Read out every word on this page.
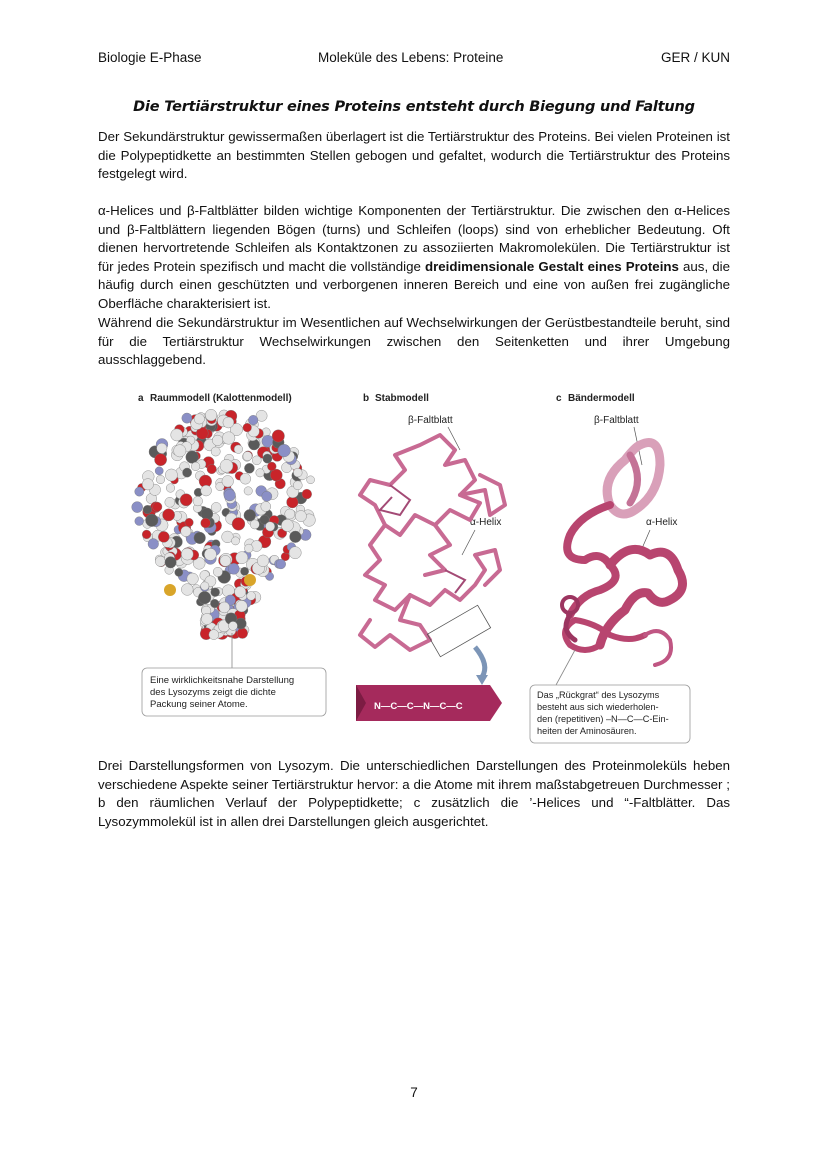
Biologie E-Phase	Moleküle des Lebens: Proteine	GER / KUN
Die Tertiärstruktur eines Proteins entsteht durch Biegung und Faltung

Der Sekundärstruktur gewissermaßen überlagert ist die Tertiärstruktur des Proteins. Bei vielen Proteinen ist die Polypeptidkette an bestimmten Stellen gebogen und gefaltet, wodurch die Tertiärstruktur des Proteins festgelegt wird.

α-Helices und β-Faltblätter bilden wichtige Komponenten der Tertiärstruktur. Die zwischen den α-Helices und β-Faltblättern liegenden Bögen (turns) und Schleifen (loops) sind von erheblicher Bedeutung. Oft dienen hervortretende Schleifen als Kontaktzonen zu assoziierten Makromolekülen. Die Tertiärstruktur ist für jedes Protein spezifisch und macht die vollständige dreidimensionale Gestalt eines Proteins aus, die häufig durch einen geschützten und verborgenen inneren Bereich und eine von außen frei zugängliche Oberfläche charakterisiert ist.

Während die Sekundärstruktur im Wesentlichen auf Wechselwirkungen der Gerüstbestandteile beruht, sind für die Tertiärstruktur Wechselwirkungen zwischen den Seitenketten und ihrer Umgebung ausschlaggebend.

a Raummodell (Kalottenmodell)	b Stabmodell	c Bändermodell
Eine wirklichkeitsnahe Darstellung
des Lysozyms zeigt die dichte
Packung seiner Atome.
β-Faltblatt
α-Helix
N—C—C—N—C—C
β-Faltblatt
α-Helix
Das „Rückgrat“ des Lysozyms
besteht aus sich wiederholen-
den (repetitiven) –N—C—C-Ein-
heiten der Aminosäuren.

Drei Darstellungsformen von Lysozym. Die unterschiedlichen Darstellungen des Proteinmoleküls heben verschiedene Aspekte seiner Tertiärstruktur hervor: a die Atome mit ihrem maßstabgetreuen Durchmesser ; b den räumlichen Verlauf der Polypeptidkette; c zusätzlich die ’-Helices und “-Faltblätter. Das Lysozymmolekül ist in allen drei Darstellungen gleich ausgerichtet.

7
